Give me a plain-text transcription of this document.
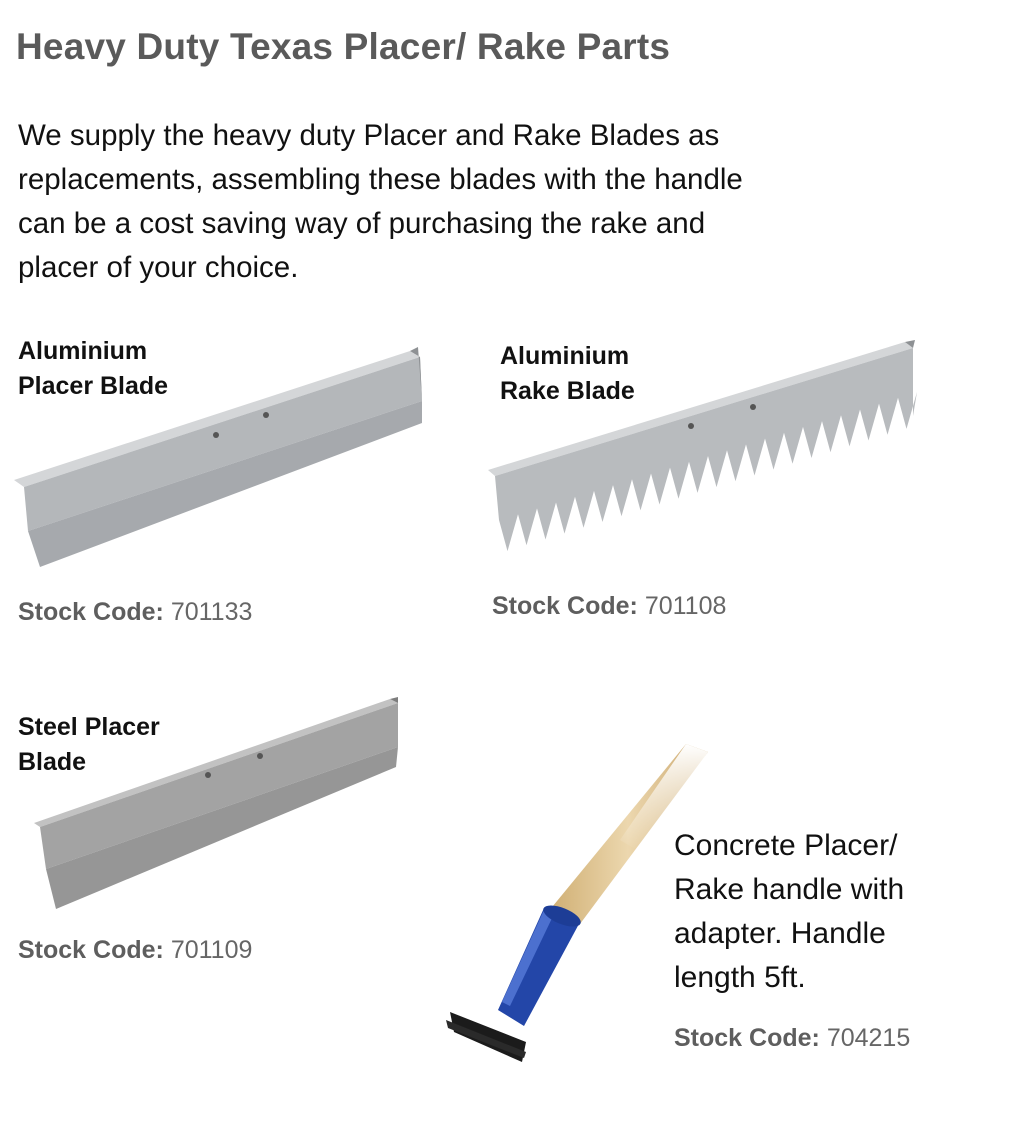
Heavy Duty Texas Placer/ Rake Parts

We supply the heavy duty Placer and Rake Blades as replacements, assembling these blades with the handle can be a cost saving way of purchasing the rake and placer of your choice.

Aluminium
Placer Blade

Stock Code: 701133

Aluminium
Rake Blade

Stock Code: 701108

Steel Placer
Blade

Stock Code: 701109

Concrete Placer/ Rake handle with adapter. Handle length 5ft.

Stock Code: 704215
